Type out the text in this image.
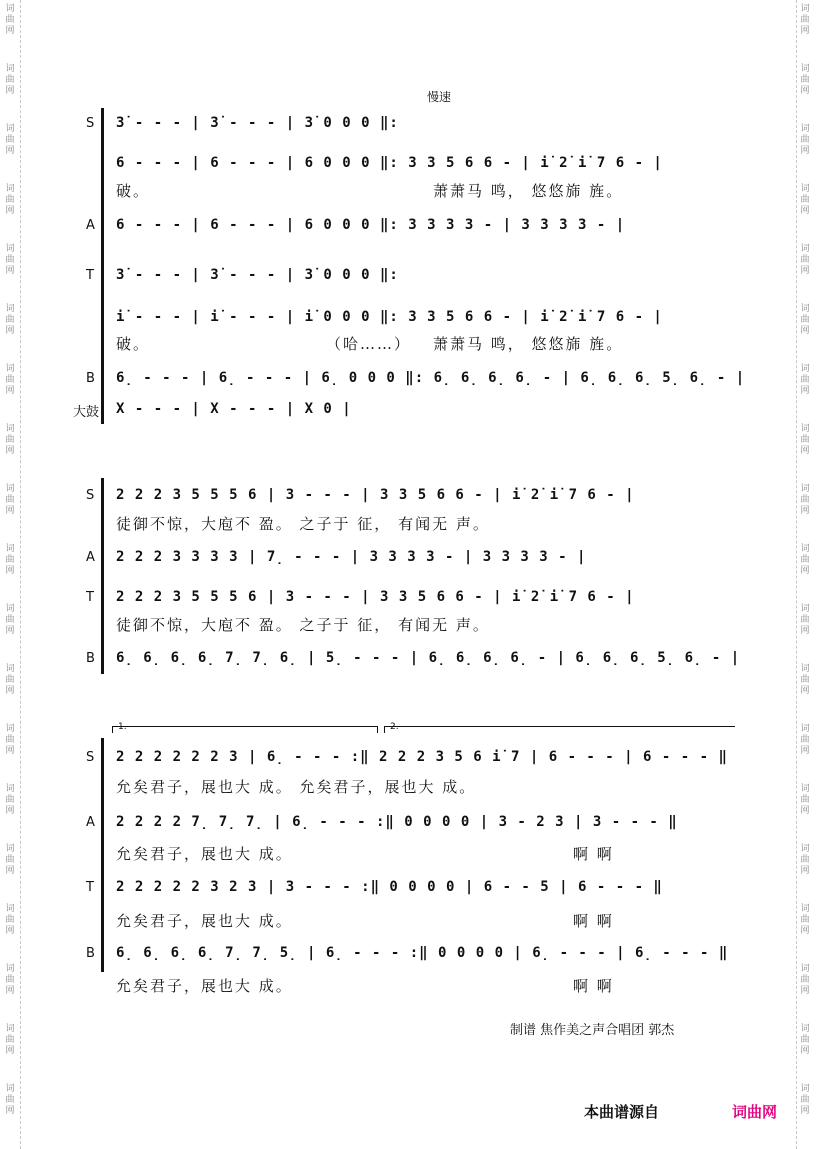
词
曲
网
词
曲
网
词
曲
网
词
曲
网
词
曲
网
词
曲
网
词
曲
网
词
曲
网
词
曲
网
词
曲
网
词
曲
网
词
曲
网
词
曲
网
词
曲
网
词
曲
网
词
曲
网
词
曲
网
词
曲
网
词
曲
网
词
曲
网
词
曲
网
词
曲
网
词
曲
网
词
曲
网
词
曲
网
词
曲
网
词
曲
网
词
曲
网
词
曲
网
词
曲
网
词
曲
网
词
曲
网
词
曲
网
词
曲
网
词
曲
网
词
曲
网
词
曲
网
词
曲
网
慢速
S 3̇ - - - | 3̇ - - - | 3̇ 0 0 0 ‖:
6 - - - | 6 - - - | 6 0 0 0 ‖: 3 3 5 6 6 - | i̇ 2̇ i̇ 7 6 - |
破。	萧萧马 鸣， 悠悠旆 旌。
A 6 - - - | 6 - - - | 6 0 0 0 ‖: 3 3 3 3 - | 3 3 3 3 - |
T 3̇ - - - | 3̇ - - - | 3̇ 0 0 0 ‖:
i̇ - - - | i̇ - - - | i̇ 0 0 0 ‖: 3 3 5 6 6 - | i̇ 2̇ i̇ 7 6 - |
破。	（哈……） 萧萧马 鸣， 悠悠旆 旌。
B 6̣ - - - | 6̣ - - - | 6̣ 0 0 0 ‖: 6̣ 6̣ 6̣ 6̣ - | 6̣ 6̣ 6̣ 5̣ 6̣ - |
大鼓 X - - - | X - - - | X 0 |
S 2 2 2 3 5 5 5 6 | 3 - - - | 3 3 5 6 6 - | i̇ 2̇ i̇ 7 6 - |
徒御不惊，大庖不 盈。 之子于 征， 有闻无 声。
A 2 2 2 3 3 3 3 | 7̣ - - - | 3 3 3 3 - | 3 3 3 3 - |
T 2 2 2 3 5 5 5 6 | 3 - - - | 3 3 5 6 6 - | i̇ 2̇ i̇ 7 6 - |
徒御不惊，大庖不 盈。 之子于 征， 有闻无 声。
B 6̣ 6̣ 6̣ 6̣ 7̣ 7̣ 6̣ | 5̣ - - - | 6̣ 6̣ 6̣ 6̣ - | 6̣ 6̣ 6̣ 5̣ 6̣ - |
1.	2.
S 2 2 2 2 2 2 3 | 6̣ - - - :‖ 2 2 2 3 5 6 i̇ 7 | 6 - - - | 6 - - - ‖
允矣君子，展也大 成。 允矣君子，展也大 成。
A 2 2 2 2 7̣ 7̣ 7̣ | 6̣ - - - :‖ 0 0 0 0 | 3 - 2 3 | 3 - - - ‖
允矣君子，展也大 成。	啊 啊
T 2 2 2 2 2 3 2 3 | 3 - - - :‖ 0 0 0 0 | 6 - - 5 | 6 - - - ‖
允矣君子，展也大 成。	啊 啊
B 6̣ 6̣ 6̣ 6̣ 7̣ 7̣ 5̣ | 6̣ - - - :‖ 0 0 0 0 | 6̣ - - - | 6̣ - - - ‖
允矣君子，展也大 成。	啊 啊
制谱 焦作美之声合唱团 郭杰
本曲谱源自	词曲网
